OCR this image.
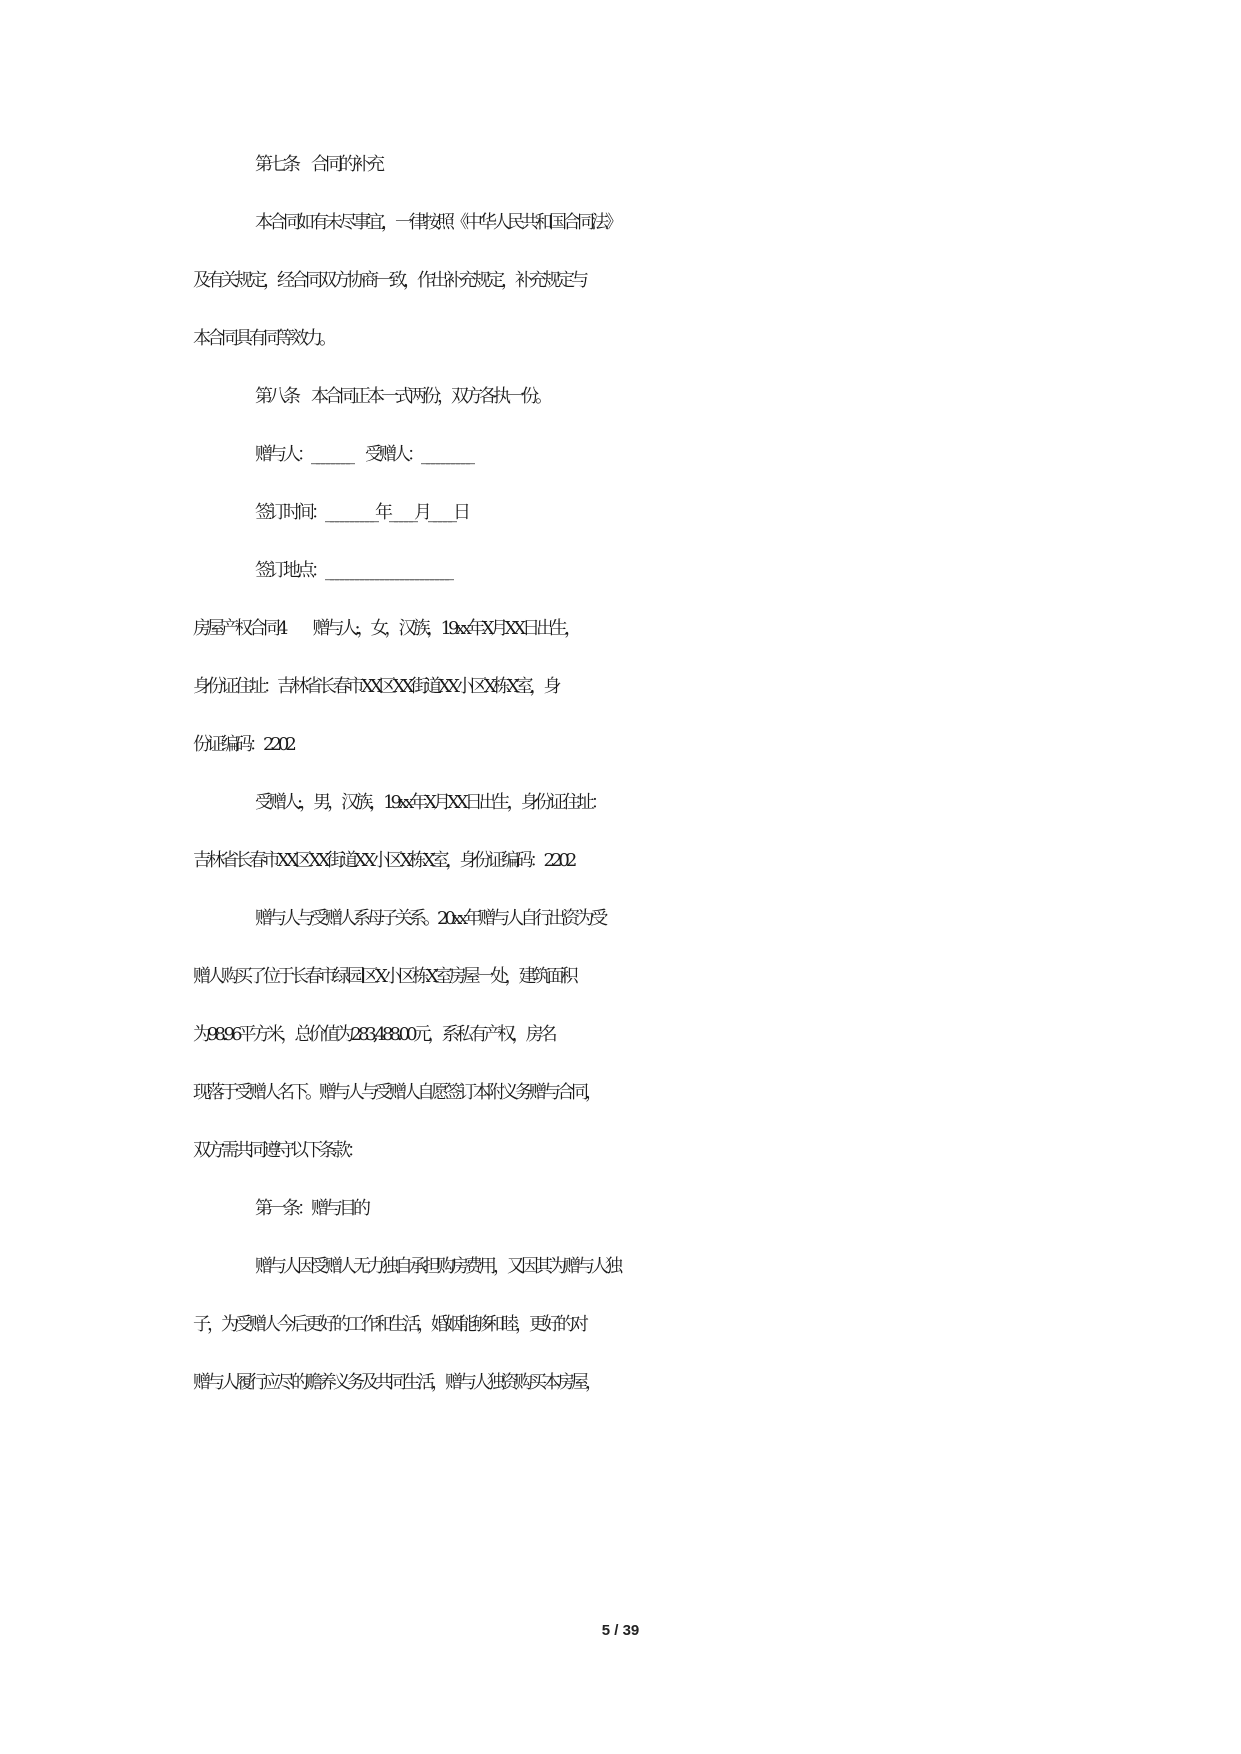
第七条　合同的补充
本合同如有未尽事宜，一律按照《中华人民共和国合同法》
及有关规定，经合同双方协商一致，作出补充规定，补充规定与
本合同具有同等效力。
第八条　本合同正本一式两份，双方各执一份。
赠与人：________　受赠人：__________
签订时间：__________年_____月_____日
签订地点：_________________________
房屋产权合同4　　赠与人:，女，汉族，19xx年X月XX日出生，
身份证住址：吉林省长春市XX区XX街道XX小区X栋X室，身
份证编码：2202
受赠人:，男，汉族，19xx年X月XX日出生，身份证住址：
吉林省长春市XX区XX街道XX小区X栋X室，身份证编码：2202
赠与人与受赠人系母子关系。20xx年赠与人自行出资为受
赠人购买了位于长春市绿园区X小区栋X室房屋一处，建筑面积
为98.96平方米，总价值为283,488.00元，系私有产权，房名
现落于受赠人名下。赠与人与受赠人自愿签订本附义务赠与合同，
双方需共同遵守以下条款：
第一条：赠与目的
赠与人因受赠人无力独自承担购房费用，又因其为赠与人独
子，为受赠人今后更好的工作和生活，婚姻能够和睦，更好的对
赠与人履行应尽的赡养义务及共同生活，赠与人独资购买本房屋，
5 / 39
